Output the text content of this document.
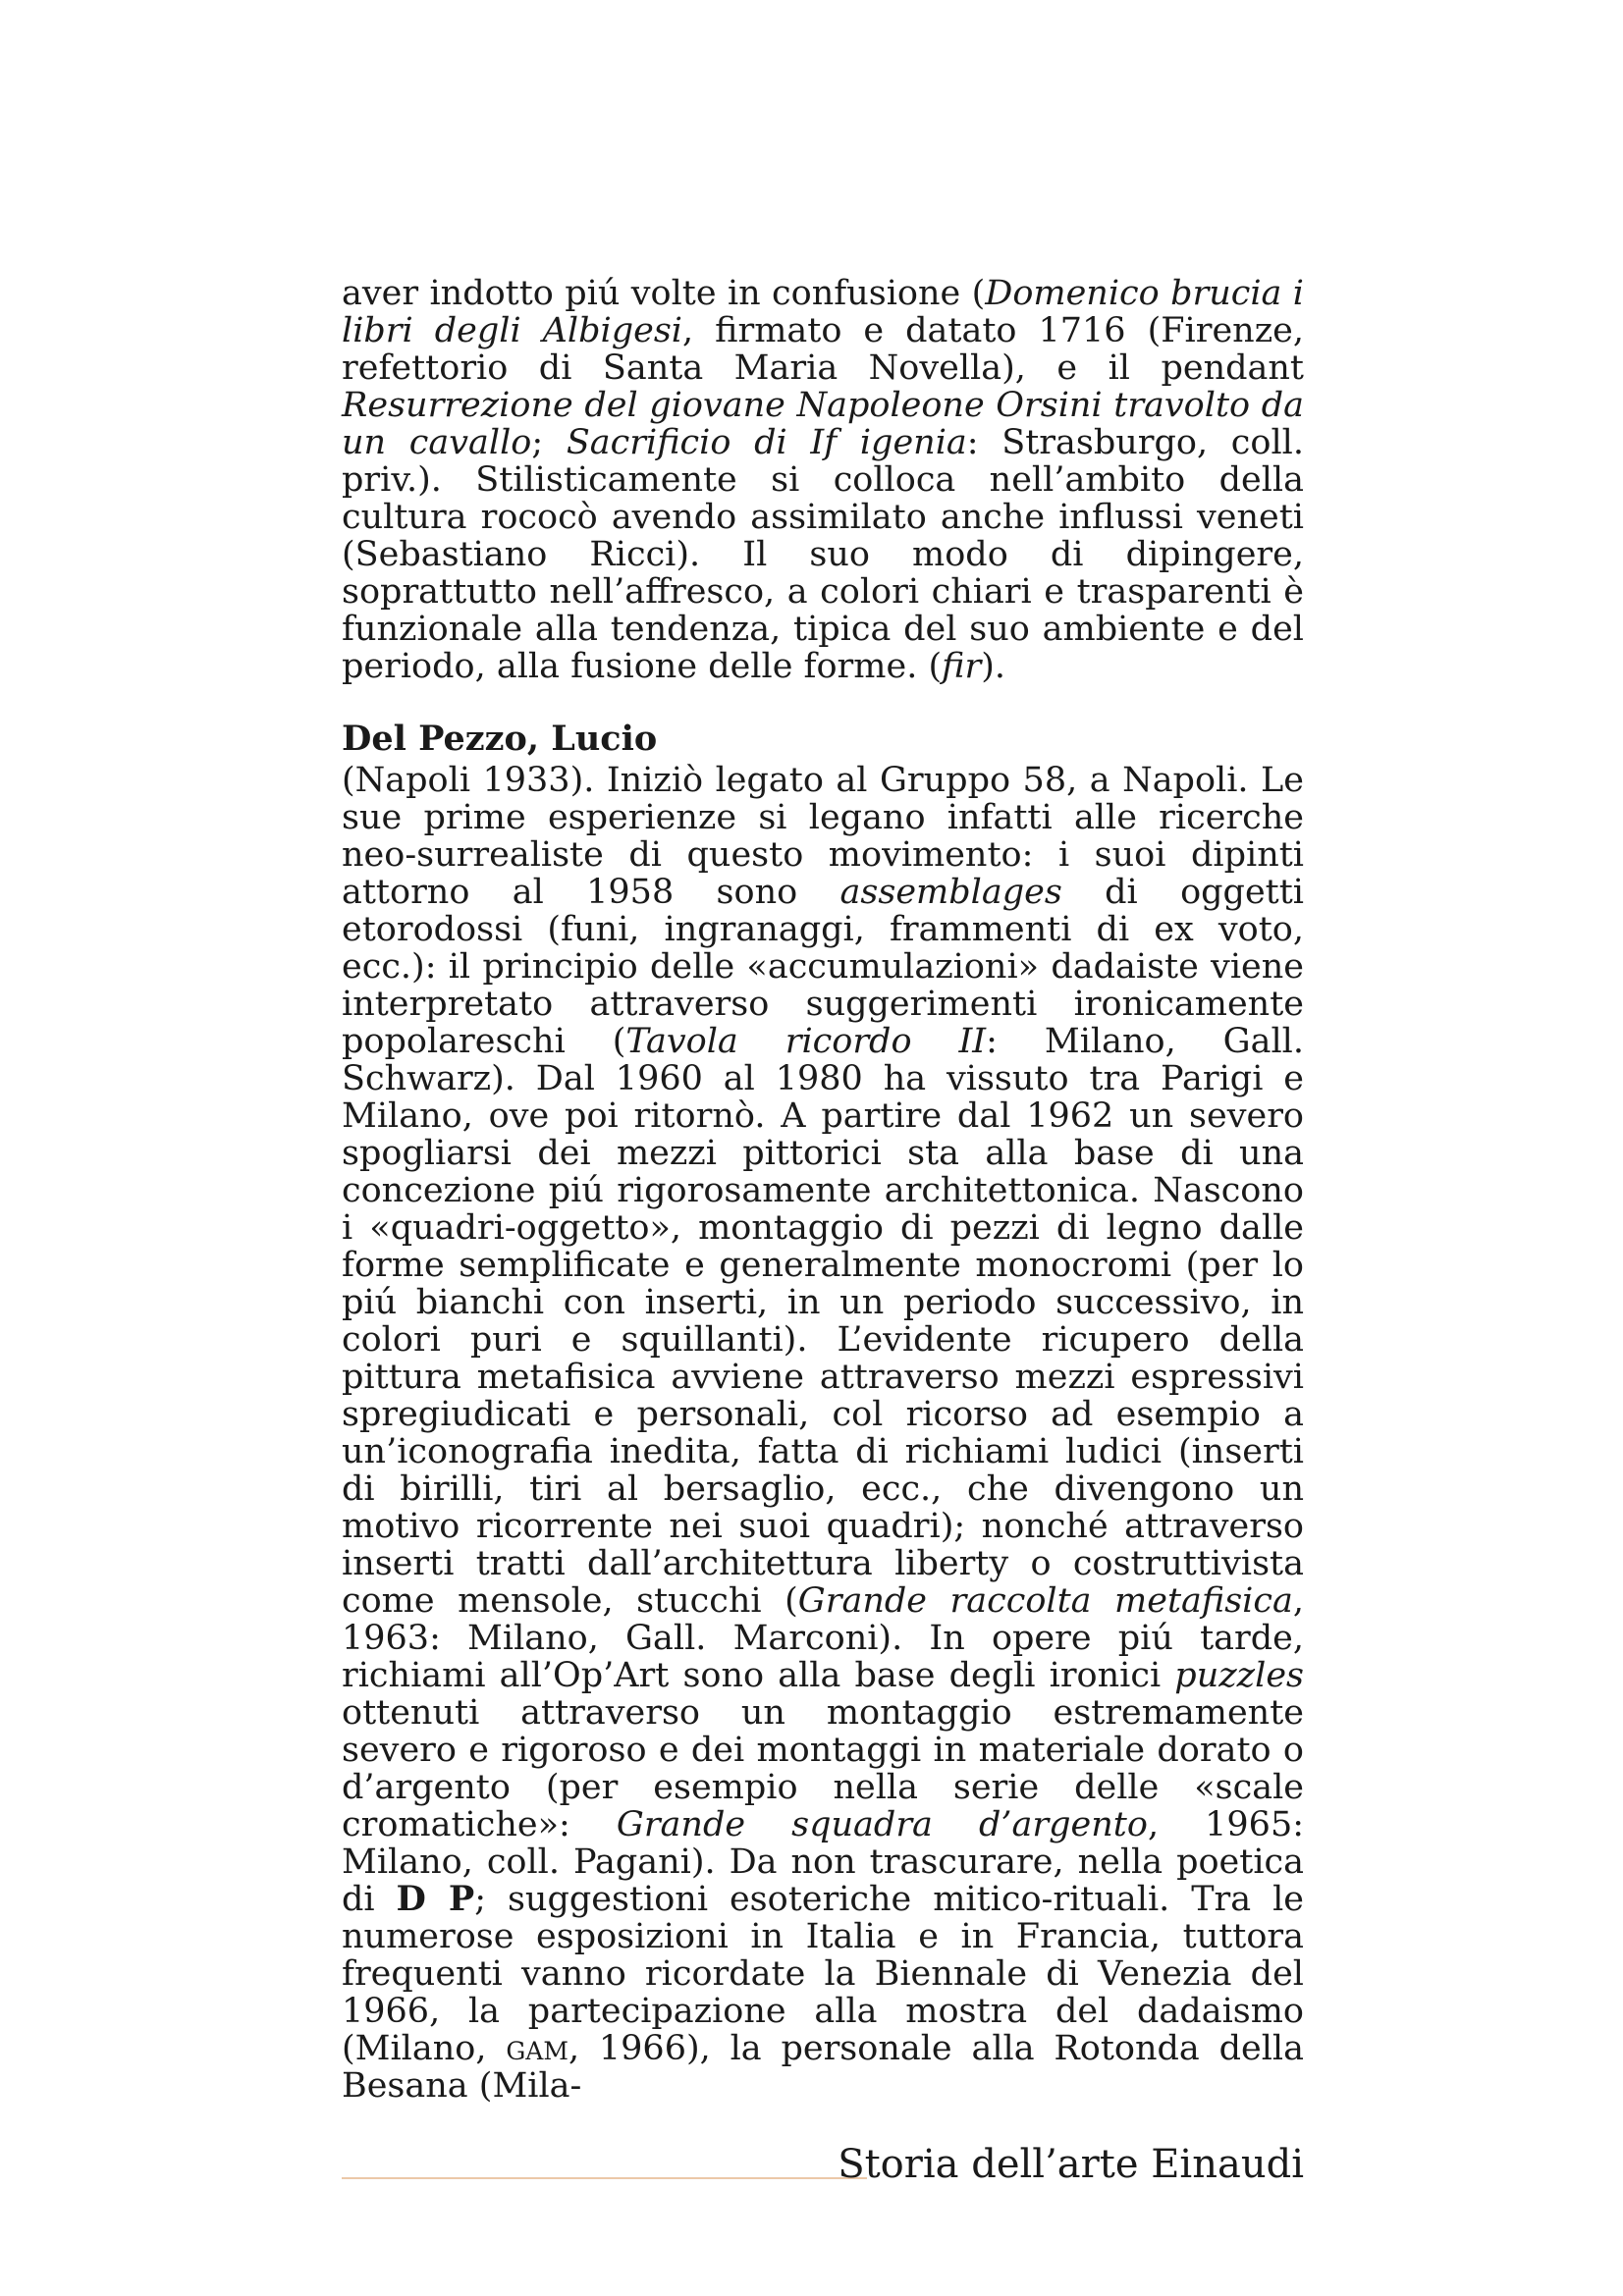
aver indotto piú volte in confusione (Domenico brucia i libri degli Albigesi, firmato e datato 1716 (Firenze, refettorio di Santa Maria Novella), e il pendant Resurrezione del giovane Napoleone Orsini travolto da un cavallo; Sacrificio di If igenia: Strasburgo, coll. priv.). Stilisticamente si colloca nell’ambito della cultura rococò avendo assimilato anche influssi veneti (Sebastiano Ricci). Il suo modo di dipingere, soprattutto nell’affresco, a colori chiari e trasparenti è funzionale alla tendenza, tipica del suo ambiente e del periodo, alla fusione delle forme. (fir).

Del Pezzo, Lucio

(Napoli 1933). Iniziò legato al Gruppo 58, a Napoli. Le sue prime esperienze si legano infatti alle ricerche neo-surrealiste di questo movimento: i suoi dipinti attorno al 1958 sono assemblages di oggetti etorodossi (funi, ingranaggi, frammenti di ex voto, ecc.): il principio delle «accumulazioni» dadaiste viene interpretato attraverso suggerimenti ironicamente popolareschi (Tavola ricordo II: Milano, Gall. Schwarz). Dal 1960 al 1980 ha vissuto tra Parigi e Milano, ove poi ritornò. A partire dal 1962 un severo spogliarsi dei mezzi pittorici sta alla base di una concezione piú rigorosamente architettonica. Nascono i «quadri-oggetto», montaggio di pezzi di legno dalle forme semplificate e generalmente monocromi (per lo piú bianchi con inserti, in un periodo successivo, in colori puri e squillanti). L’evidente ricupero della pittura metafisica avviene attraverso mezzi espressivi spregiudicati e personali, col ricorso ad esempio a un’iconografia inedita, fatta di richiami ludici (inserti di birilli, tiri al bersaglio, ecc., che divengono un motivo ricorrente nei suoi quadri); nonché attraverso inserti tratti dall’architettura liberty o costruttivista come mensole, stucchi (Grande raccolta metafisica, 1963: Milano, Gall. Marconi). In opere piú tarde, richiami all’Op’Art sono alla base degli ironici puzzles ottenuti attraverso un montaggio estremamente severo e rigoroso e dei montaggi in materiale dorato o d’argento (per esempio nella serie delle «scale cromatiche»: Grande squadra d’argento, 1965: Milano, coll. Pagani). Da non trascurare, nella poetica di D P; suggestioni esoteriche mitico-rituali. Tra le numerose esposizioni in Italia e in Francia, tuttora frequenti vanno ricordate la Biennale di Venezia del 1966, la partecipazione alla mostra del dadaismo (Milano, gam, 1966), la personale alla Rotonda della Besana (Mila-

Storia dell’arte Einaudi
